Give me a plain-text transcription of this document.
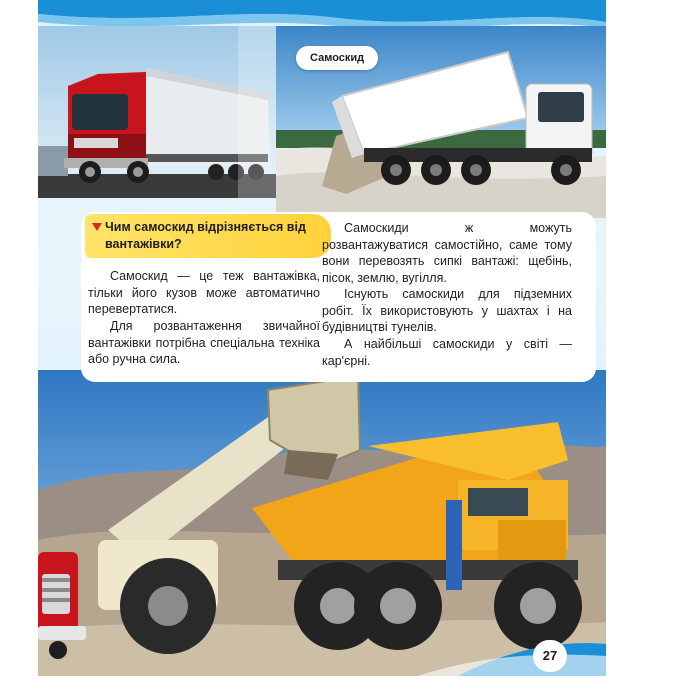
Самоскид
Чим самоскид відрізняється від вантажівки?

Самоскид — це теж вантажівка, тільки його кузов може автоматично перевертатися.

Для розвантаження звичайної вантажівки потрібна спеціальна техніка або ручна сила.

Самоскиди ж можуть розвантажуватися самостійно, саме тому вони перевозять сипкі вантажі: щебінь, пісок, землю, вугілля.

Існують самоскиди для підземних робіт. Їх використовують у шахтах і на будівництві тунелів.

А найбільші самоскиди у світі — кар'єрні.

27
